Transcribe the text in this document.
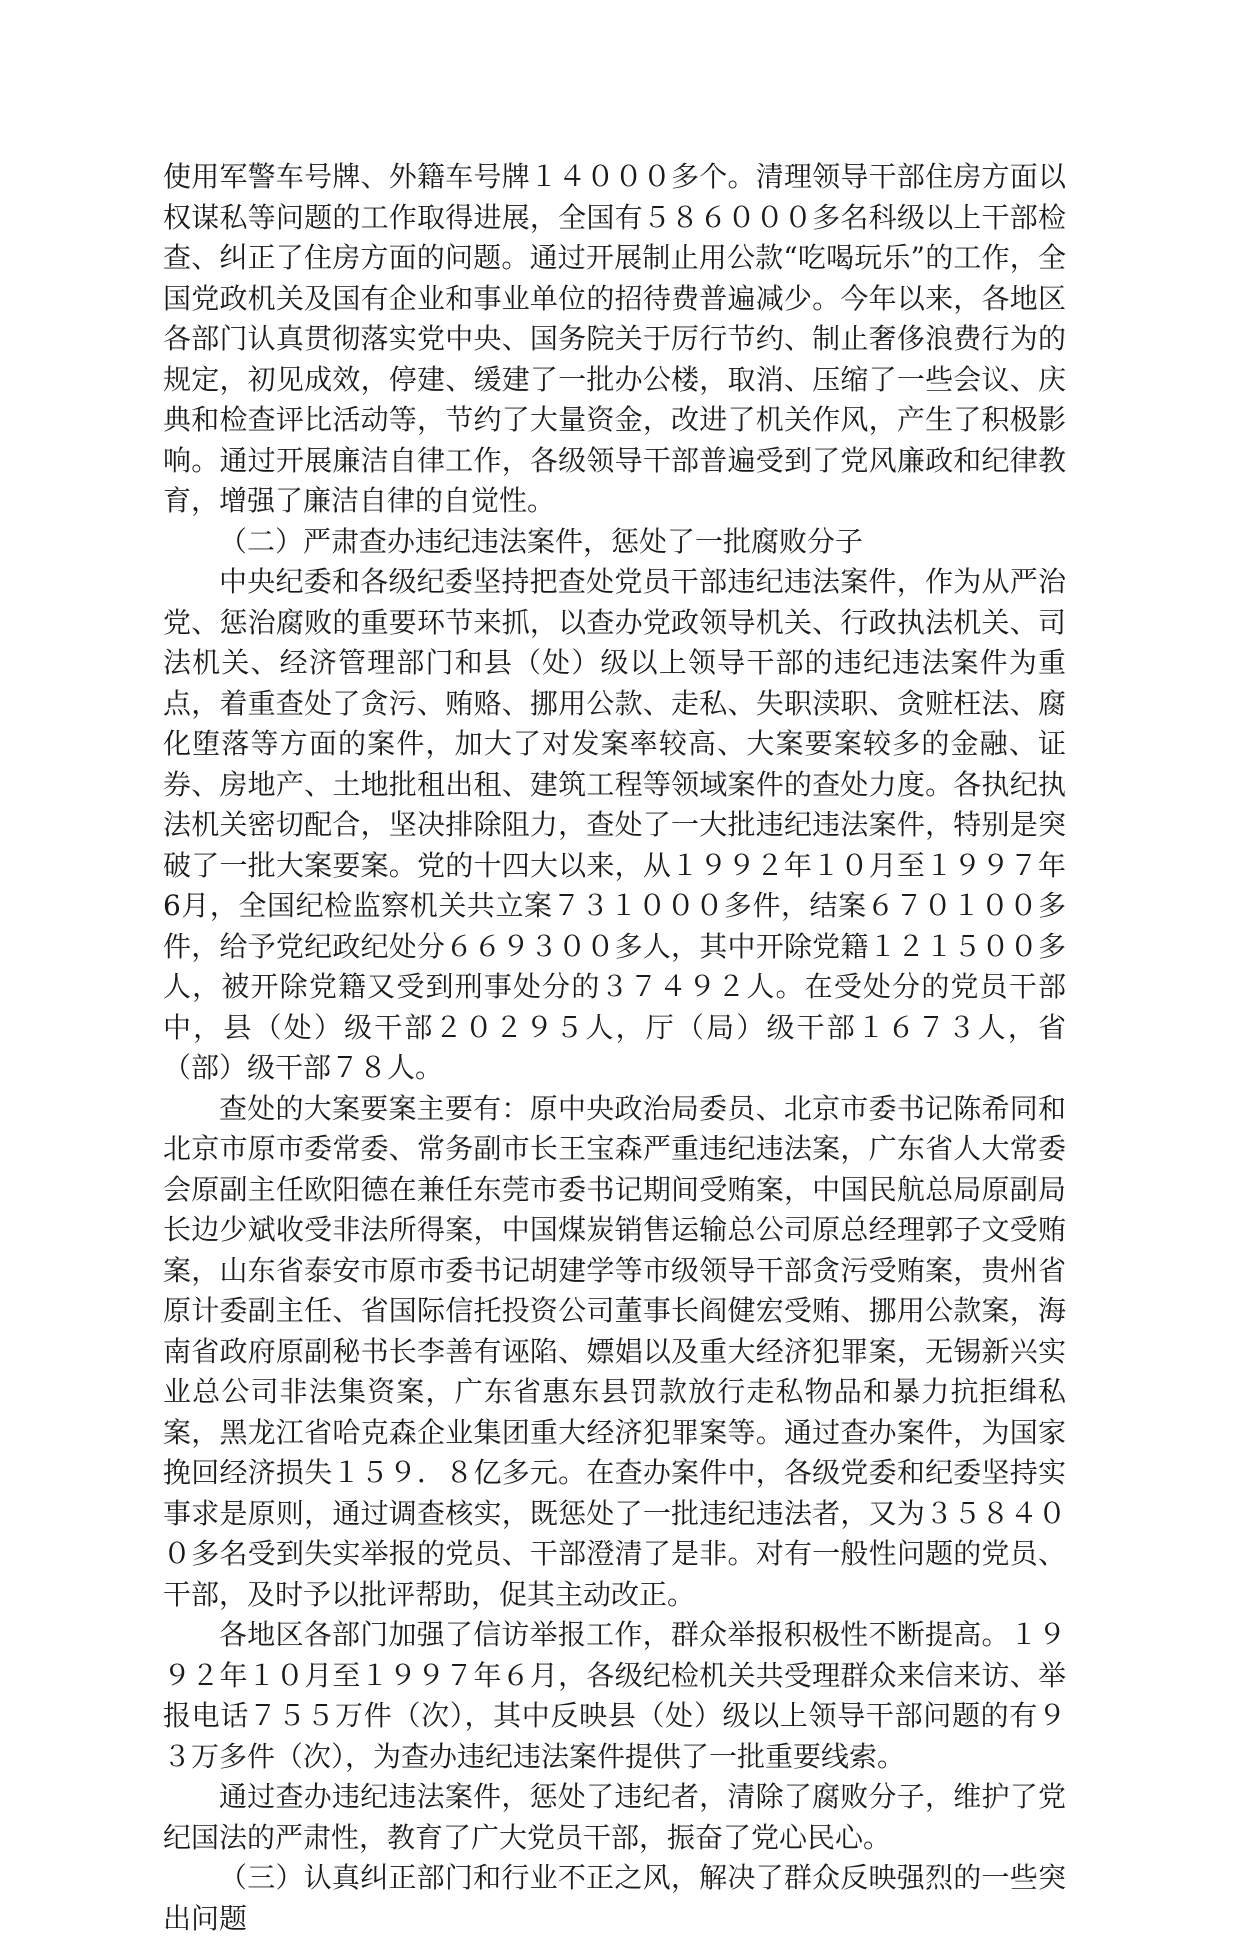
使用军警车号牌、外籍车号牌１４０００多个。清理领导干部住房方面以权谋私等问题的工作取得进展，全国有５８６０００多名科级以上干部检查、纠正了住房方面的问题。通过开展制止用公款“吃喝玩乐”的工作，全国党政机关及国有企业和事业单位的招待费普遍减少。今年以来，各地区各部门认真贯彻落实党中央、国务院关于厉行节约、制止奢侈浪费行为的规定，初见成效，停建、缓建了一批办公楼，取消、压缩了一些会议、庆典和检查评比活动等，节约了大量资金，改进了机关作风，产生了积极影响。通过开展廉洁自律工作，各级领导干部普遍受到了党风廉政和纪律教育，增强了廉洁自律的自觉性。

（二）严肃查办违纪违法案件，惩处了一批腐败分子

中央纪委和各级纪委坚持把查处党员干部违纪违法案件，作为从严治党、惩治腐败的重要环节来抓，以查办党政领导机关、行政执法机关、司法机关、经济管理部门和县（处）级以上领导干部的违纪违法案件为重点，着重查处了贪污、贿赂、挪用公款、走私、失职渎职、贪赃枉法、腐化堕落等方面的案件，加大了对发案率较高、大案要案较多的金融、证券、房地产、土地批租出租、建筑工程等领域案件的查处力度。各执纪执法机关密切配合，坚决排除阻力，查处了一大批违纪违法案件，特别是突破了一批大案要案。党的十四大以来，从１９９２年１０月至１９９７年6月，全国纪检监察机关共立案７３１０００多件，结案６７０１００多件，给予党纪政纪处分６６９３００多人，其中开除党籍１２１５００多人，被开除党籍又受到刑事处分的３７４９２人。在受处分的党员干部中，县（处）级干部２０２９５人，厅（局）级干部１６７３人，省（部）级干部７８人。

查处的大案要案主要有：原中央政治局委员、北京市委书记陈希同和北京市原市委常委、常务副市长王宝森严重违纪违法案，广东省人大常委会原副主任欧阳德在兼任东莞市委书记期间受贿案，中国民航总局原副局长边少斌收受非法所得案，中国煤炭销售运输总公司原总经理郭子文受贿案，山东省泰安市原市委书记胡建学等市级领导干部贪污受贿案，贵州省原计委副主任、省国际信托投资公司董事长阎健宏受贿、挪用公款案，海南省政府原副秘书长李善有诬陷、嫖娼以及重大经济犯罪案，无锡新兴实业总公司非法集资案，广东省惠东县罚款放行走私物品和暴力抗拒缉私案，黑龙江省哈克森企业集团重大经济犯罪案等。通过查办案件，为国家挽回经济损失１５９．８亿多元。在查办案件中，各级党委和纪委坚持实事求是原则，通过调查核实，既惩处了一批违纪违法者，又为３５８４００多名受到失实举报的党员、干部澄清了是非。对有一般性问题的党员、干部，及时予以批评帮助，促其主动改正。

各地区各部门加强了信访举报工作，群众举报积极性不断提高。１９９２年１０月至１９９７年６月，各级纪检机关共受理群众来信来访、举报电话７５５万件（次），其中反映县（处）级以上领导干部问题的有９３万多件（次），为查办违纪违法案件提供了一批重要线索。

通过查办违纪违法案件，惩处了违纪者，清除了腐败分子，维护了党纪国法的严肃性，教育了广大党员干部，振奋了党心民心。

（三）认真纠正部门和行业不正之风，解决了群众反映强烈的一些突出问题
